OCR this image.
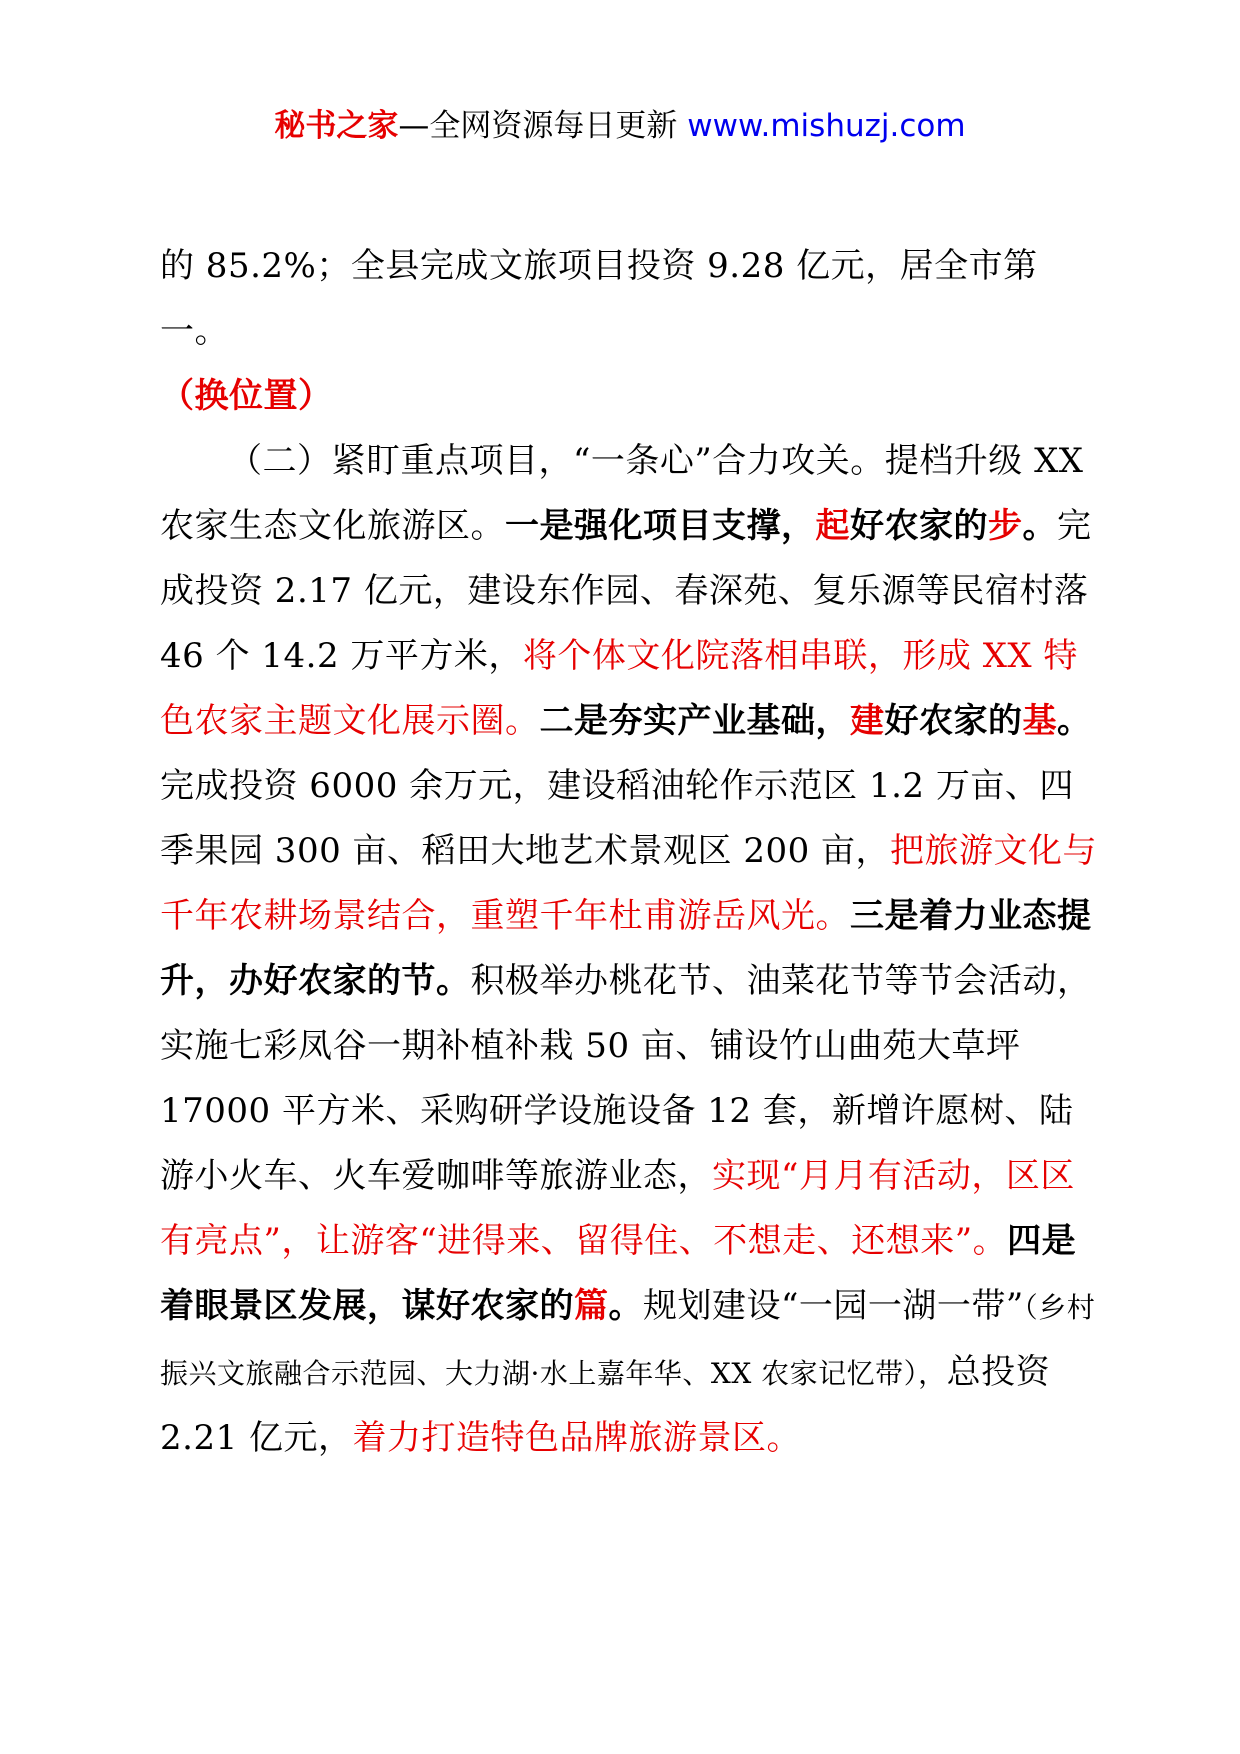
秘书之家—全网资源每日更新 www.mishuzj.com

的 85.2%；全县完成文旅项目投资 9.28 亿元，居全市第一。

（换位置）

（二）紧盯重点项目，“一条心”合力攻关。提档升级 XX 农家生态文化旅游区。一是强化项目支撑，起好农家的步。完成投资 2.17 亿元，建设东作园、春深苑、复乐源等民宿村落 46 个 14.2 万平方米，将个体文化院落相串联，形成 XX 特色农家主题文化展示圈。二是夯实产业基础，建好农家的基。完成投资 6000 余万元，建设稻油轮作示范区 1.2 万亩、四季果园 300 亩、稻田大地艺术景观区 200 亩，把旅游文化与千年农耕场景结合，重塑千年杜甫游岳风光。三是着力业态提升，办好农家的节。积极举办桃花节、油菜花节等节会活动，实施七彩凤谷一期补植补栽 50 亩、铺设竹山曲苑大草坪 17000 平方米、采购研学设施设备 12 套，新增许愿树、陆游小火车、火车爱咖啡等旅游业态，实现“月月有活动，区区有亮点”，让游客“进得来、留得住、不想走、还想来”。四是着眼景区发展，谋好农家的篇。规划建设“一园一湖一带”（乡村振兴文旅融合示范园、大力湖·水上嘉年华、XX 农家记忆带），总投资 2.21 亿元，着力打造特色品牌旅游景区。
